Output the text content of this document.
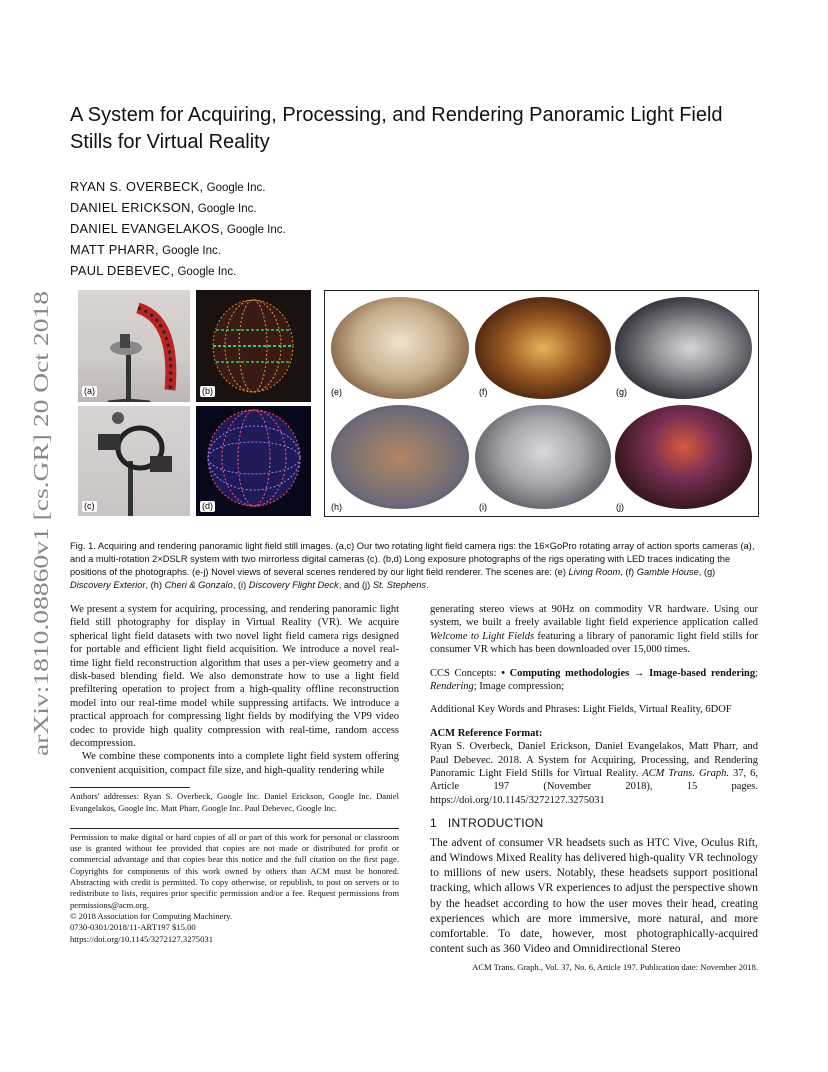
A System for Acquiring, Processing, and Rendering Panoramic Light Field Stills for Virtual Reality
RYAN S. OVERBECK, Google Inc.
DANIEL ERICKSON, Google Inc.
DANIEL EVANGELAKOS, Google Inc.
MATT PHARR, Google Inc.
PAUL DEBEVEC, Google Inc.
arXiv:1810.08860v1 [cs.GR] 20 Oct 2018
(a)	(b)
(c)	(d)
(e)	(f)	(g)
(h)	(i)	(j)
Fig. 1. Acquiring and rendering panoramic light field still images. (a,c) Our two rotating light field camera rigs: the 16×GoPro rotating array of action sports cameras (a), and a multi-rotation 2×DSLR system with two mirrorless digital cameras (c). (b,d) Long exposure photographs of the rigs operating with LED traces indicating the positions of the photographs. (e-j) Novel views of several scenes rendered by our light field renderer. The scenes are: (e) Living Room, (f) Gamble House, (g) Discovery Exterior, (h) Cheri & Gonzalo, (i) Discovery Flight Deck, and (j) St. Stephens.

We present a system for acquiring, processing, and rendering panoramic light field still photography for display in Virtual Reality (VR). We acquire spherical light field datasets with two novel light field camera rigs designed for portable and efficient light field acquisition. We introduce a novel real-time light field reconstruction algorithm that uses a per-view geometry and a disk-based blending field. We also demonstrate how to use a light field prefiltering operation to project from a high-quality offline reconstruction model into our real-time model while suppressing artifacts. We introduce a practical approach for compressing light fields by modifying the VP9 video codec to provide high quality compression with real-time, random access decompression.

We combine these components into a complete light field system offering convenient acquisition, compact file size, and high-quality rendering while

Authors' addresses: Ryan S. Overbeck, Google Inc. Daniel Erickson, Google Inc. Daniel Evangelakos, Google Inc. Matt Pharr, Google Inc. Paul Debevec, Google Inc.

Permission to make digital or hard copies of all or part of this work for personal or classroom use is granted without fee provided that copies are not made or distributed for profit or commercial advantage and that copies bear this notice and the full citation on the first page. Copyrights for components of this work owned by others than ACM must be honored. Abstracting with credit is permitted. To copy otherwise, or republish, to post on servers or to redistribute to lists, requires prior specific permission and/or a fee. Request permissions from permissions@acm.org.

© 2018 Association for Computing Machinery.

0730-0301/2018/11-ART197 $15.00

https://doi.org/10.1145/3272127.3275031

generating stereo views at 90Hz on commodity VR hardware. Using our system, we built a freely available light field experience application called Welcome to Light Fields featuring a library of panoramic light field stills for consumer VR which has been downloaded over 15,000 times.

CCS Concepts: • Computing methodologies → Image-based rendering; Rendering; Image compression;

Additional Key Words and Phrases: Light Fields, Virtual Reality, 6DOF

ACM Reference Format:

Ryan S. Overbeck, Daniel Erickson, Daniel Evangelakos, Matt Pharr, and Paul Debevec. 2018. A System for Acquiring, Processing, and Rendering Panoramic Light Field Stills for Virtual Reality. ACM Trans. Graph. 37, 6, Article 197 (November 2018), 15 pages. https://doi.org/10.1145/3272127.3275031

1 INTRODUCTION

The advent of consumer VR headsets such as HTC Vive, Oculus Rift, and Windows Mixed Reality has delivered high-quality VR technology to millions of new users. Notably, these headsets support positional tracking, which allows VR experiences to adjust the perspective shown by the headset according to how the user moves their head, creating experiences which are more immersive, more natural, and more comfortable. To date, however, most photographically-acquired content such as 360 Video and Omnidirectional Stereo

ACM Trans. Graph., Vol. 37, No. 6, Article 197. Publication date: November 2018.
